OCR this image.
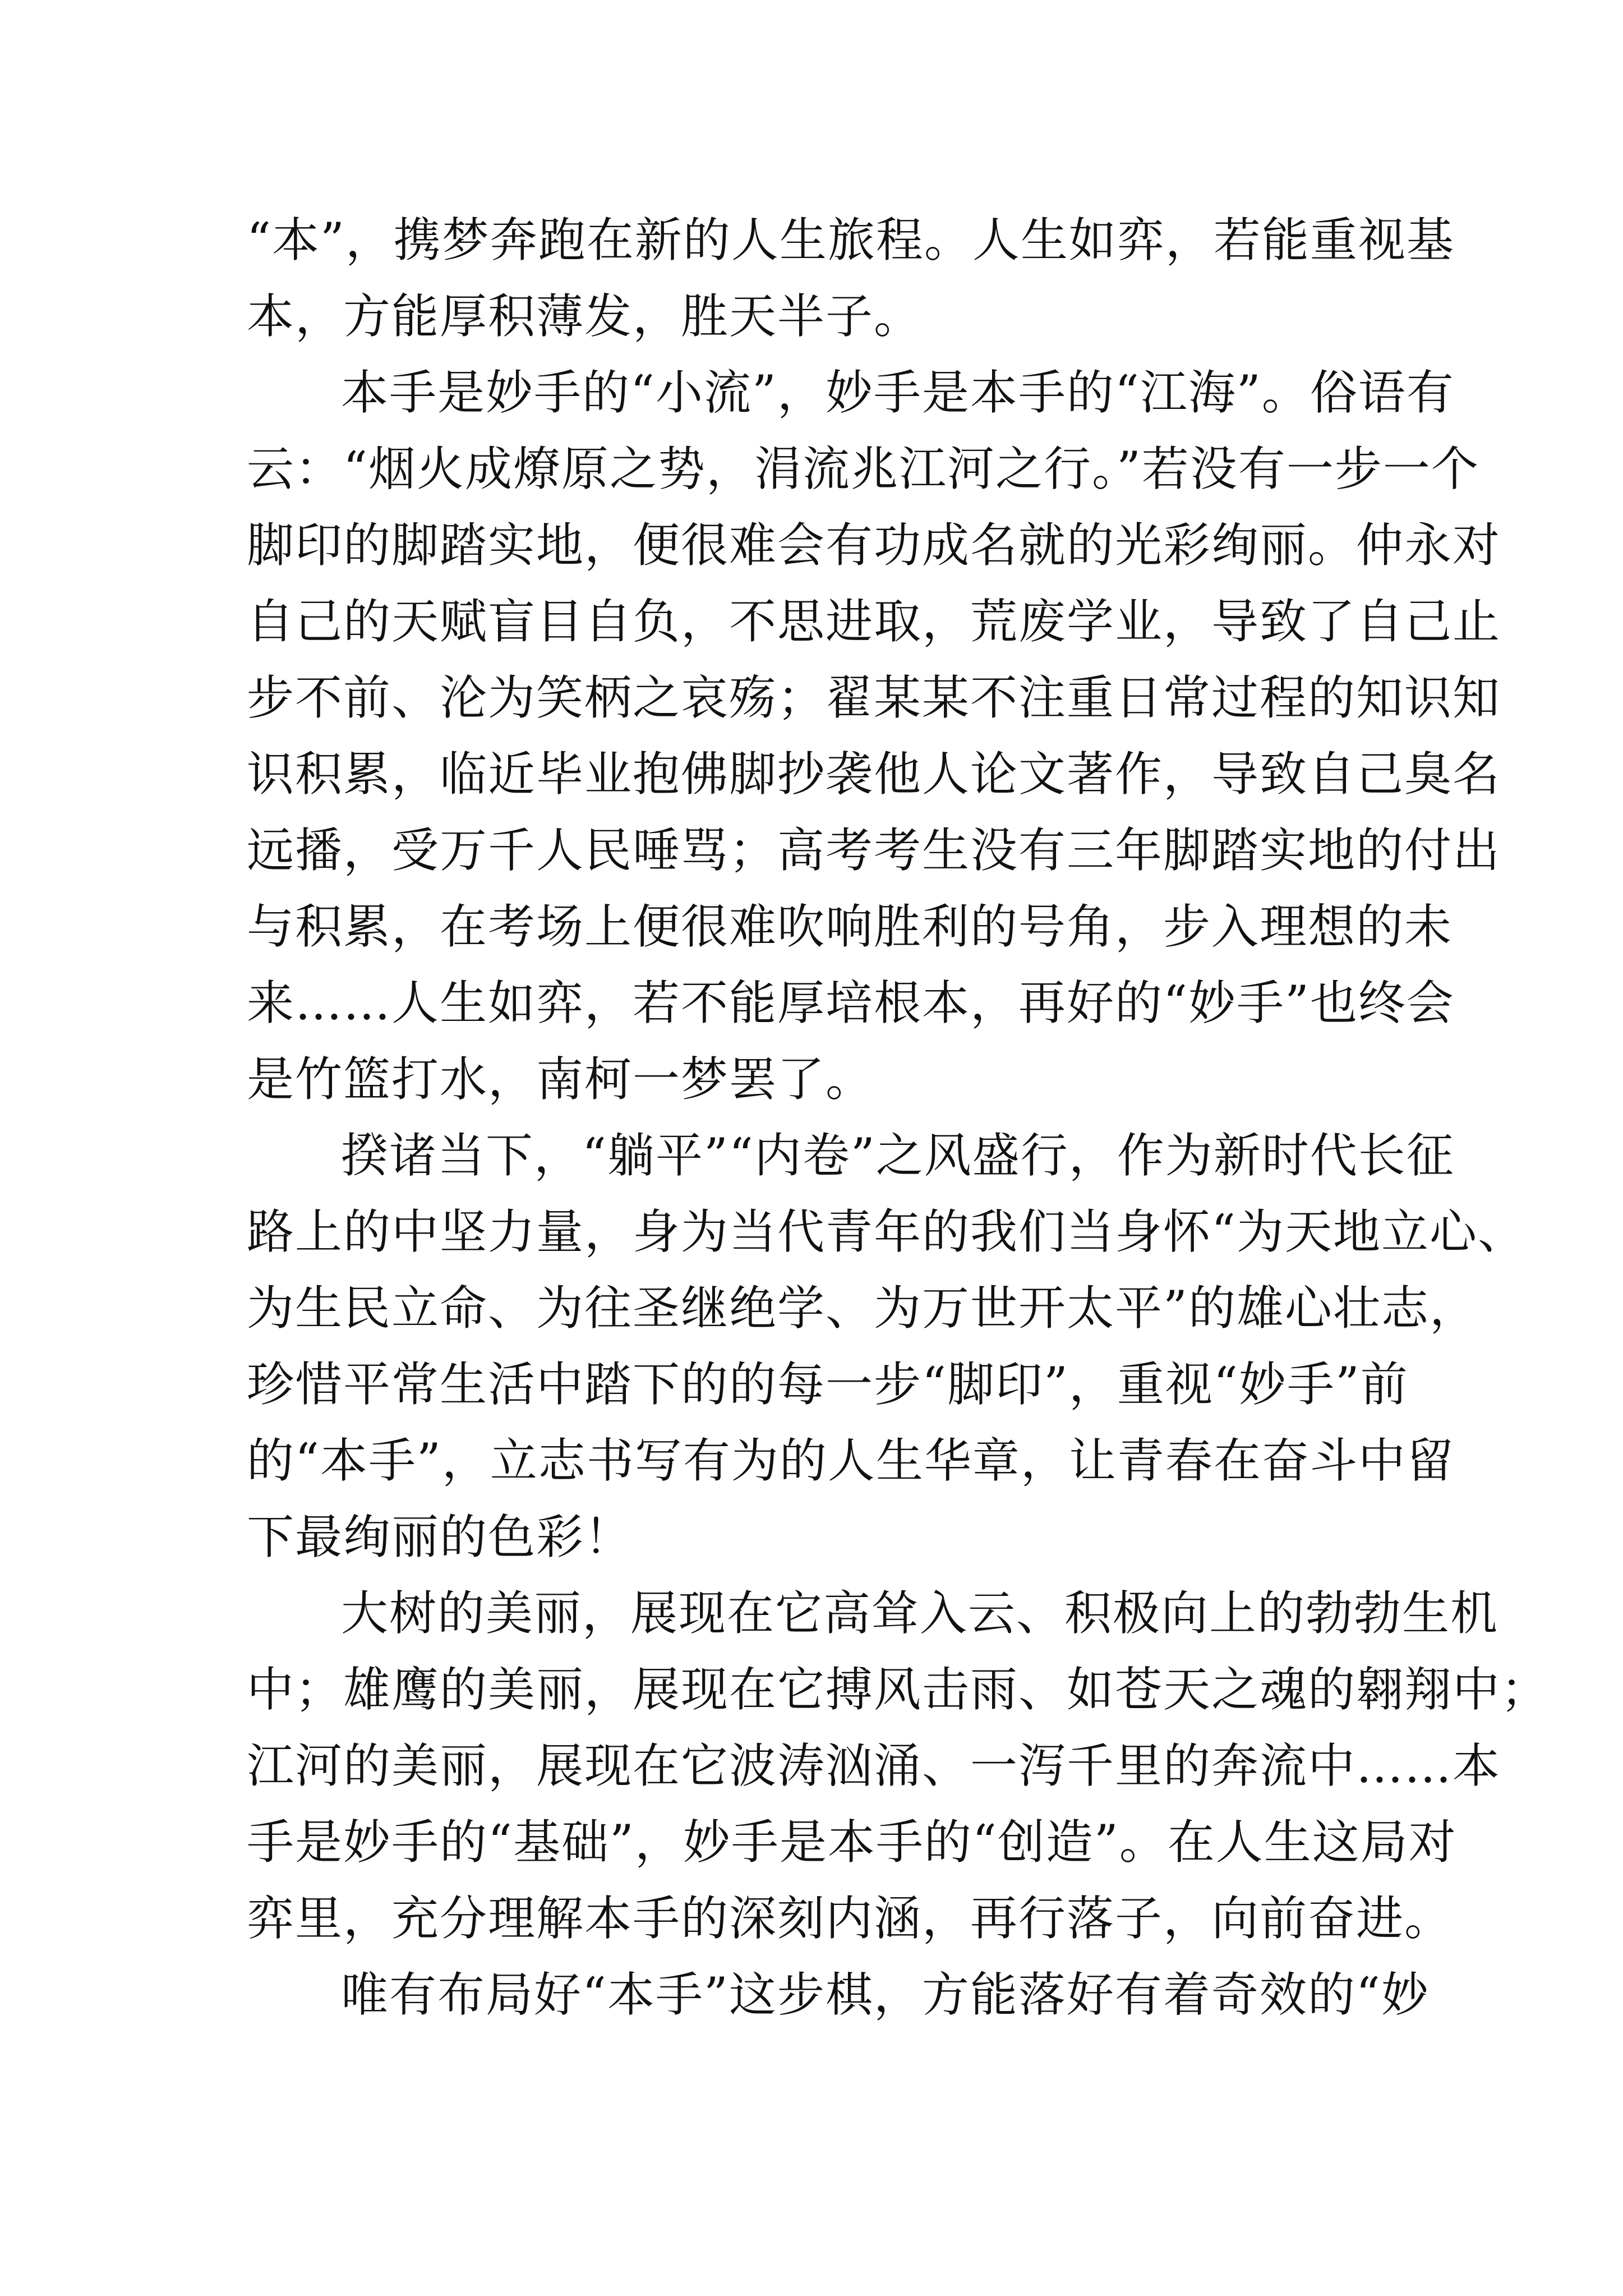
“本”，携梦奔跑在新的人生旅程。人生如弈，若能重视基
本，方能厚积薄发，胜天半子。
本手是妙手的“小流”，妙手是本手的“江海”。俗语有
云：“烟火成燎原之势，涓流兆江河之行。”若没有一步一个
脚印的脚踏实地，便很难会有功成名就的光彩绚丽。仲永对
自己的天赋盲目自负，不思进取，荒废学业，导致了自己止
步不前、沦为笑柄之哀殇；翟某某不注重日常过程的知识知
识积累，临近毕业抱佛脚抄袭他人论文著作，导致自己臭名
远播，受万千人民唾骂；高考考生没有三年脚踏实地的付出
与积累，在考场上便很难吹响胜利的号角，步入理想的未
来……人生如弈，若不能厚培根本，再好的“妙手”也终会
是竹篮打水，南柯一梦罢了。
揆诸当下，“躺平”“内卷”之风盛行，作为新时代长征
路上的中坚力量，身为当代青年的我们当身怀“为天地立心、
为生民立命、为往圣继绝学、为万世开太平”的雄心壮志，
珍惜平常生活中踏下的的每一步“脚印”，重视“妙手”前
的“本手”，立志书写有为的人生华章，让青春在奋斗中留
下最绚丽的色彩！
大树的美丽，展现在它高耸入云、积极向上的勃勃生机
中；雄鹰的美丽，展现在它搏风击雨、如苍天之魂的翱翔中；
江河的美丽，展现在它波涛汹涌、一泻千里的奔流中……本
手是妙手的“基础”，妙手是本手的“创造”。在人生这局对
弈里，充分理解本手的深刻内涵，再行落子，向前奋进。
唯有布局好“本手”这步棋，方能落好有着奇效的“妙
